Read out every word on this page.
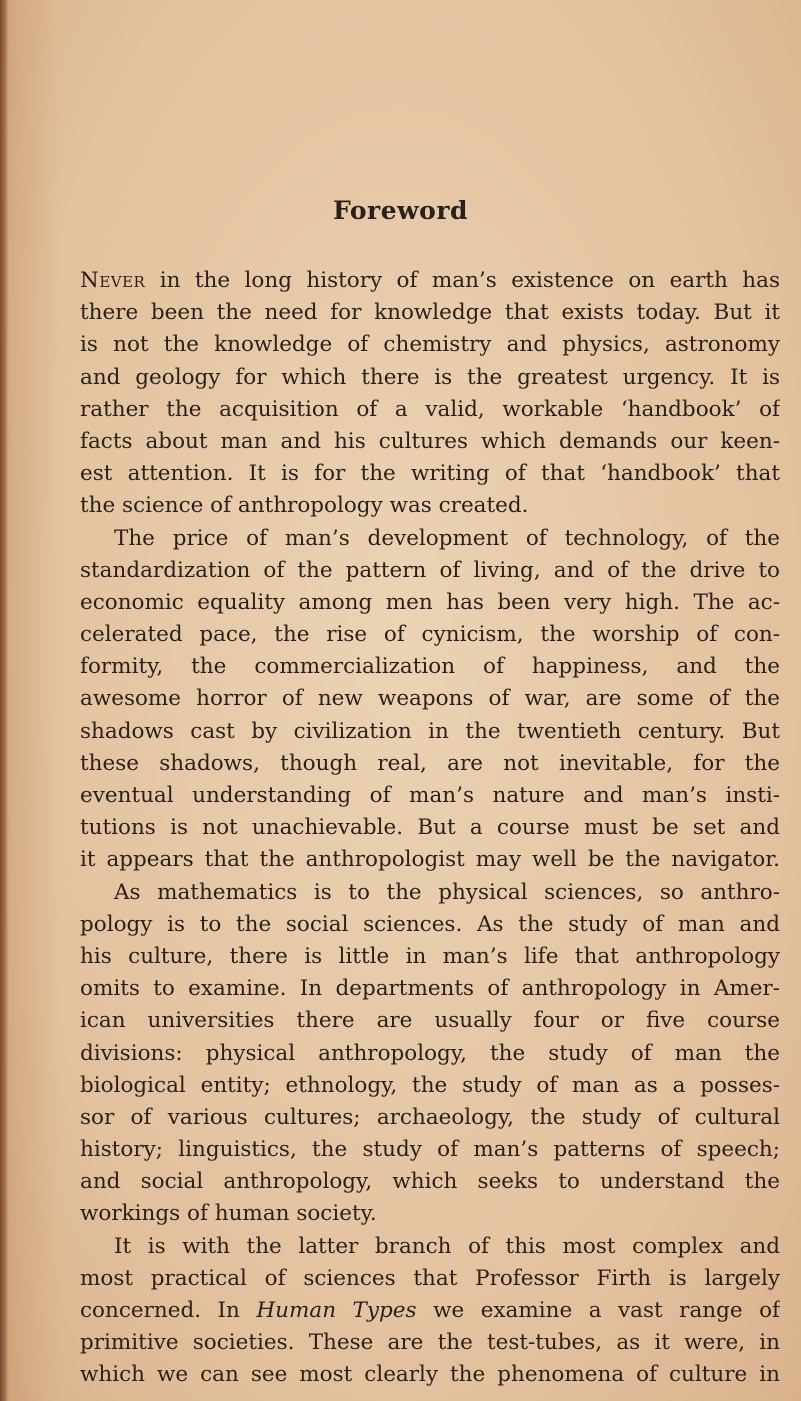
Foreword
Never in the long history of man’s existence on earth has
there been the need for knowledge that exists today. But it
is not the knowledge of chemistry and physics, astronomy
and geology for which there is the greatest urgency. It is
rather the acquisition of a valid, workable ‘handbook’ of
facts about man and his cultures which demands our keen-
est attention. It is for the writing of that ‘handbook’ that
the science of anthropology was created.
The price of man’s development of technology, of the
standardization of the pattern of living, and of the drive to
economic equality among men has been very high. The ac-
celerated pace, the rise of cynicism, the worship of con-
formity, the commercialization of happiness, and the
awesome horror of new weapons of war, are some of the
shadows cast by civilization in the twentieth century. But
these shadows, though real, are not inevitable, for the
eventual understanding of man’s nature and man’s insti-
tutions is not unachievable. But a course must be set and
it appears that the anthropologist may well be the navigator.
As mathematics is to the physical sciences, so anthro-
pology is to the social sciences. As the study of man and
his culture, there is little in man’s life that anthropology
omits to examine. In departments of anthropology in Amer-
ican universities there are usually four or five course
divisions: physical anthropology, the study of man the
biological entity; ethnology, the study of man as a posses-
sor of various cultures; archaeology, the study of cultural
history; linguistics, the study of man’s patterns of speech;
and social anthropology, which seeks to understand the
workings of human society.
It is with the latter branch of this most complex and
most practical of sciences that Professor Firth is largely
concerned. In Human Types we examine a vast range of
primitive societies. These are the test-tubes, as it were, in
which we can see most clearly the phenomena of culture in
